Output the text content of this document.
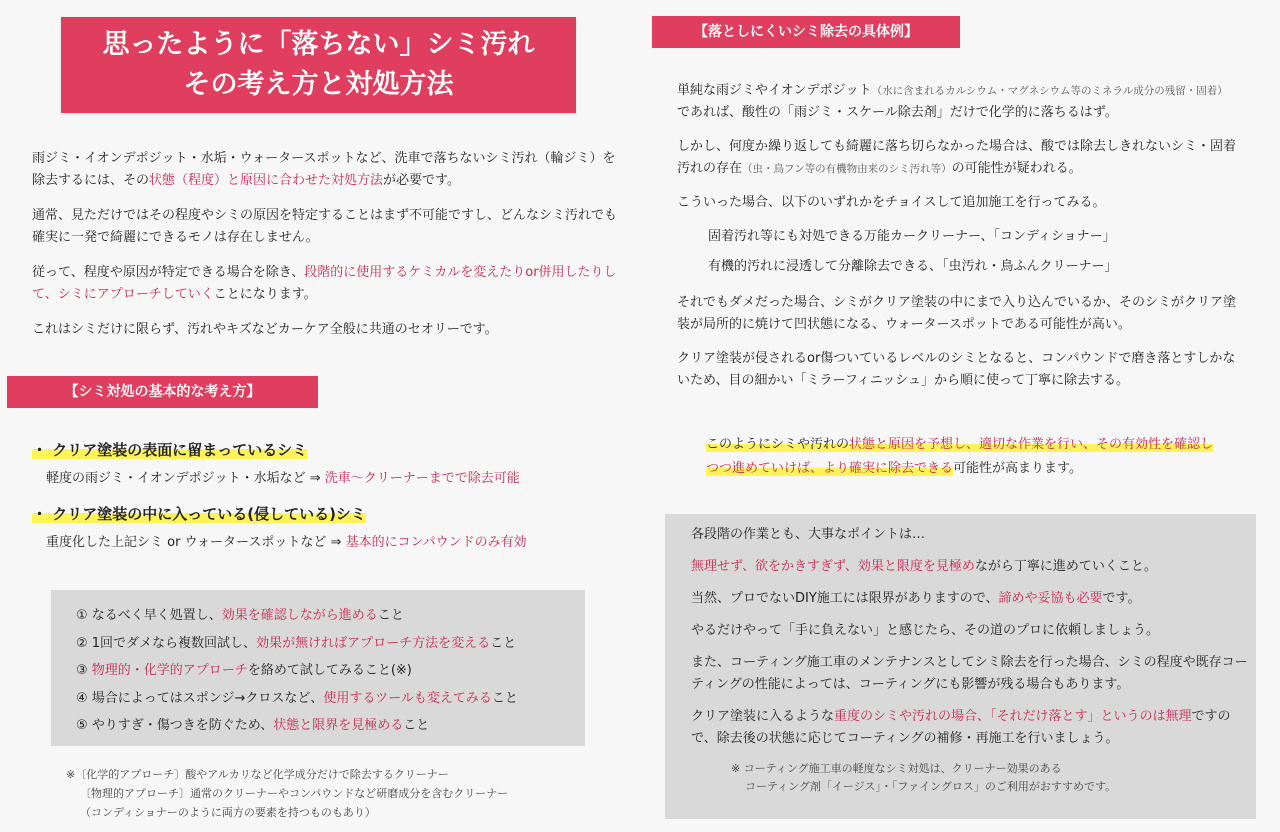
思ったように「落ちない」シミ汚れ
その考え方と対処方法

雨ジミ・イオンデポジット・水垢・ウォータースポットなど、洗車で落ちないシミ汚れ（輪ジミ）を除去するには、その状態（程度）と原因に合わせた対処方法が必要です。

通常、見ただけではその程度やシミの原因を特定することはまず不可能ですし、どんなシミ汚れでも確実に一発で綺麗にできるモノは存在しません。

従って、程度や原因が特定できる場合を除き、段階的に使用するケミカルを変えたりor併用したりして、シミにアプローチしていくことになります。

これはシミだけに限らず、汚れやキズなどカーケア全般に共通のセオリーです。

【シミ対処の基本的な考え方】
・ クリア塗装の表面に留まっているシミ
軽度の雨ジミ・イオンデポジット・水垢など ⇒ 洗車～クリーナーまでで除去可能
・ クリア塗装の中に入っている(侵している)シミ
重度化した上記シミ or ウォータースポットなど ⇒ 基本的にコンパウンドのみ有効
① なるべく早く処置し、効果を確認しながら進めること
② 1回でダメなら複数回試し、効果が無ければアプローチ方法を変えること
③ 物理的・化学的アプローチを絡めて試してみること(※)
④ 場合によってはスポンジ→クロスなど、使用するツールも変えてみること
⑤ やりすぎ・傷つきを防ぐため、状態と限界を見極めること
※〔化学的アプローチ〕酸やアルカリなど化学成分だけで除去するクリーナー
〔物理的アプローチ〕通常のクリーナーやコンパウンドなど研磨成分を含むクリーナー
（コンディショナーのように両方の要素を持つものもあり）
【落としにくいシミ除去の具体例】

単純な雨ジミやイオンデポジット（水に含まれるカルシウム・マグネシウム等のミネラル成分の残留・固着）であれば、酸性の「雨ジミ・スケール除去剤」だけで化学的に落ちるはず。

しかし、何度か繰り返しても綺麗に落ち切らなかった場合は、酸では除去しきれないシミ・固着汚れの存在（虫・鳥フン等の有機物由来のシミ汚れ等）の可能性が疑われる。

こういった場合、以下のいずれかをチョイスして追加施工を行ってみる。

固着汚れ等にも対処できる万能カークリーナー、「コンディショナー」
有機的汚れに浸透して分離除去できる、「虫汚れ・鳥ふんクリーナー」

それでもダメだった場合、シミがクリア塗装の中にまで入り込んでいるか、そのシミがクリア塗装が局所的に焼けて凹状態になる、ウォータースポットである可能性が高い。

クリア塗装が侵されるor傷ついているレベルのシミとなると、コンパウンドで磨き落とすしかないため、目の細かい「ミラーフィニッシュ」から順に使って丁寧に除去する。

このようにシミや汚れの状態と原因を予想し、適切な作業を行い、その有効性を確認しつつ進めていけば、より確実に除去できる可能性が高まります。

各段階の作業とも、大事なポイントは…

無理せず、欲をかきすぎず、効果と限度を見極めながら丁寧に進めていくこと。

当然、プロでないDIY施工には限界がありますので、諦めや妥協も必要です。

やるだけやって「手に負えない」と感じたら、その道のプロに依頼しましょう。

また、コーティング施工車のメンテナンスとしてシミ除去を行った場合、シミの程度や既存コーティングの性能によっては、コーティングにも影響が残る場合もあります。

クリア塗装に入るような重度のシミや汚れの場合、「それだけ落とす」というのは無理ですので、除去後の状態に応じてコーティングの補修・再施工を行いましょう。

※ コーティング施工車の軽度なシミ対処は、クリーナー効果のある
コーティング剤「イージス」・「ファイングロス」のご利用がおすすめです。
